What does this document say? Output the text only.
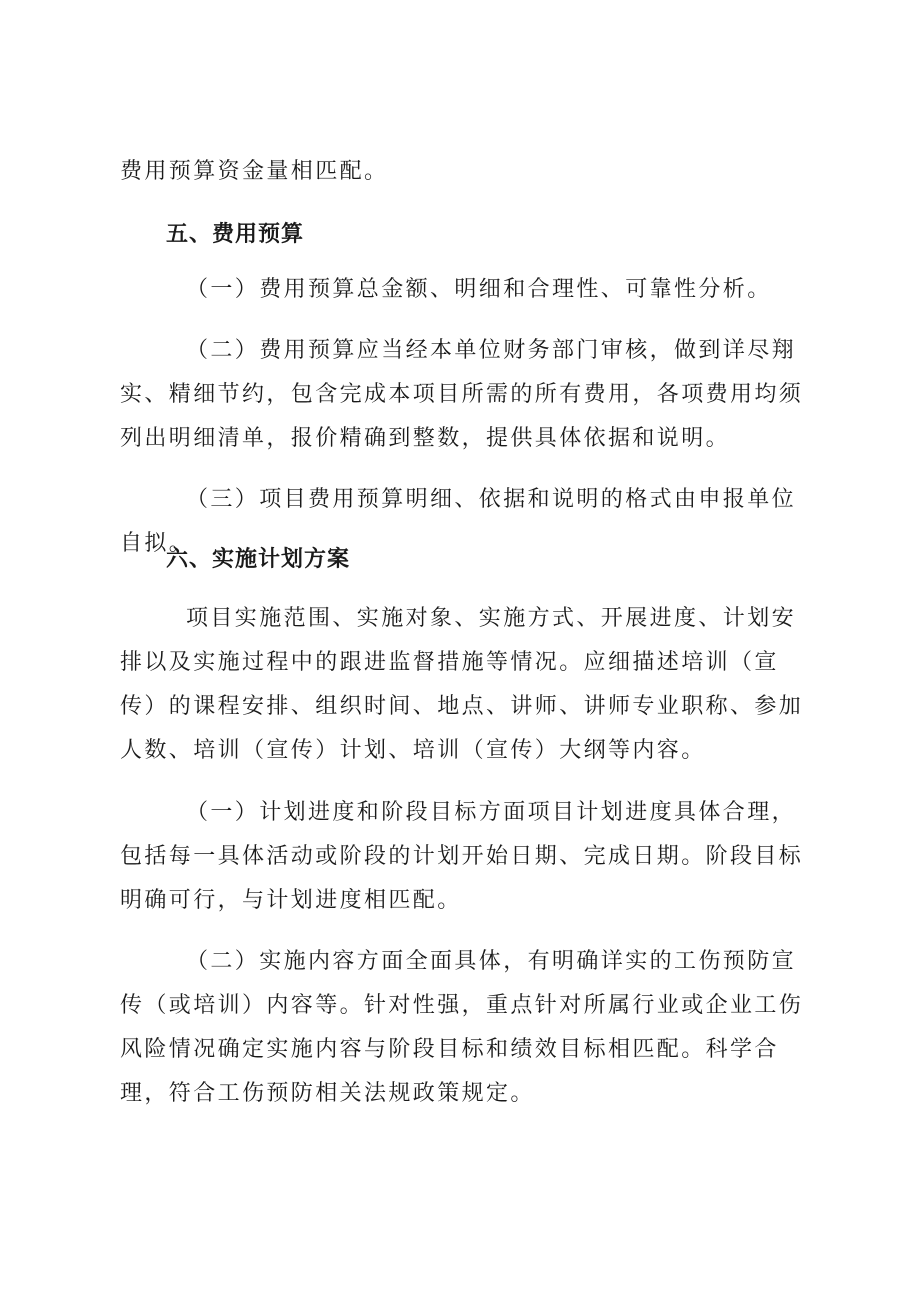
费用预算资金量相匹配。

五、费用预算

（一）费用预算总金额、明细和合理性、可靠性分析。

（二）费用预算应当经本单位财务部门审核，做到详尽翔实、精细节约，包含完成本项目所需的所有费用，各项费用均须列出明细清单，报价精确到整数，提供具体依据和说明。

（三）项目费用预算明细、依据和说明的格式由申报单位自拟。

六、实施计划方案

项目实施范围、实施对象、实施方式、开展进度、计划安排以及实施过程中的跟进监督措施等情况。应细描述培训（宣传）的课程安排、组织时间、地点、讲师、讲师专业职称、参加人数、培训（宣传）计划、培训（宣传）大纲等内容。

（一）计划进度和阶段目标方面项目计划进度具体合理，包括每一具体活动或阶段的计划开始日期、完成日期。阶段目标明确可行，与计划进度相匹配。

（二）实施内容方面全面具体，有明确详实的工伤预防宣传（或培训）内容等。针对性强，重点针对所属行业或企业工伤风险情况确定实施内容与阶段目标和绩效目标相匹配。科学合理，符合工伤预防相关法规政策规定。
